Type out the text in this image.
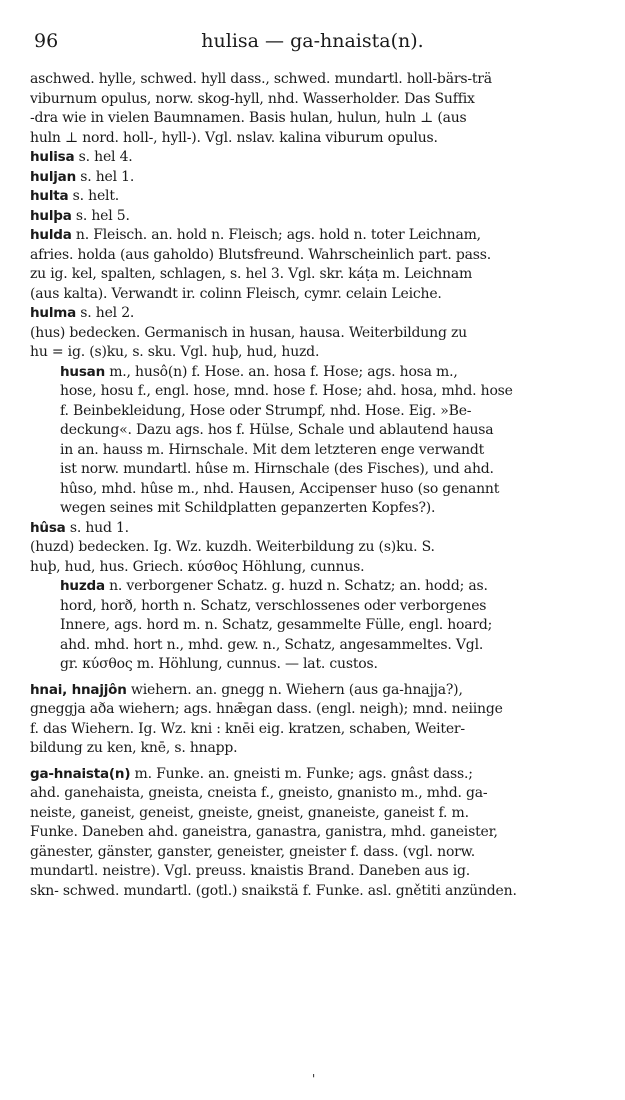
96	hulisa — ga-hnaista(n).
aschwed. hylle, schwed. hyll dass., schwed. mundartl. holl-bärs-trä
viburnum opulus, norw. skog-hyll, nhd. Wasserholder. Das Suffix
-dra wie in vielen Baumnamen. Basis hulan, hulun, huln ⊥ (aus
huln ⊥ nord. holl-, hyll-). Vgl. nslav. kalina viburum opulus.
hulisa s. hel 4.
huljan s. hel 1.
hulta s. helt.
hulþa s. hel 5.
hulda n. Fleisch. an. hold n. Fleisch; ags. hold n. toter Leichnam,
afries. holda (aus gaholdo) Blutsfreund. Wahrscheinlich part. pass.
zu ig. kel, spalten, schlagen, s. hel 3. Vgl. skr. káṭa m. Leichnam
(aus kalta). Verwandt ir. colinn Fleisch, cymr. celain Leiche.
hulma s. hel 2.
(hus) bedecken. Germanisch in husan, hausa. Weiterbildung zu
hu = ig. (s)ku, s. sku. Vgl. huþ, hud, huzd.
husan m., husô(n) f. Hose. an. hosa f. Hose; ags. hosa m.,
hose, hosu f., engl. hose, mnd. hose f. Hose; ahd. hosa, mhd. hose
f. Beinbekleidung, Hose oder Strumpf, nhd. Hose. Eig. »Be-
deckung«. Dazu ags. hos f. Hülse, Schale und ablautend hausa
in an. hauss m. Hirnschale. Mit dem letzteren enge verwandt
ist norw. mundartl. hûse m. Hirnschale (des Fisches), und ahd.
hûso, mhd. hûse m., nhd. Hausen, Accipenser huso (so genannt
wegen seines mit Schildplatten gepanzerten Kopfes?).
hûsa s. hud 1.
(huzd) bedecken. Ig. Wz. kuzdh. Weiterbildung zu (s)ku. S.
huþ, hud, hus. Griech. κύσθος Höhlung, cunnus.
huzda n. verborgener Schatz. g. huzd n. Schatz; an. hodd; as.
hord, horð, horth n. Schatz, verschlossenes oder verborgenes
Innere, ags. hord m. n. Schatz, gesammelte Fülle, engl. hoard;
ahd. mhd. hort n., mhd. gew. n., Schatz, angesammeltes. Vgl.
gr. κύσθος m. Höhlung, cunnus. — lat. custos.
hnai, hnajjôn wiehern. an. gnegg n. Wiehern (aus ga-hnajja?),
gneggja aða wiehern; ags. hnǣgan dass. (engl. neigh); mnd. neiinge
f. das Wiehern. Ig. Wz. kni : knēi eig. kratzen, schaben, Weiter-
bildung zu ken, knē, s. hnapp.
ga-hnaista(n) m. Funke. an. gneisti m. Funke; ags. gnâst dass.;
ahd. ganehaista, gneista, cneista f., gneisto, gnanisto m., mhd. ga-
neiste, ganeist, geneist, gneiste, gneist, gnaneiste, ganeist f. m.
Funke. Daneben ahd. ganeistra, ganastra, ganistra, mhd. ganeister,
gänester, gänster, ganster, geneister, gneister f. dass. (vgl. norw.
mundartl. neistre). Vgl. preuss. knaistis Brand. Daneben aus ig.
skn- schwed. mundartl. (gotl.) snaikstä f. Funke. asl. gnětiti anzünden.
'
